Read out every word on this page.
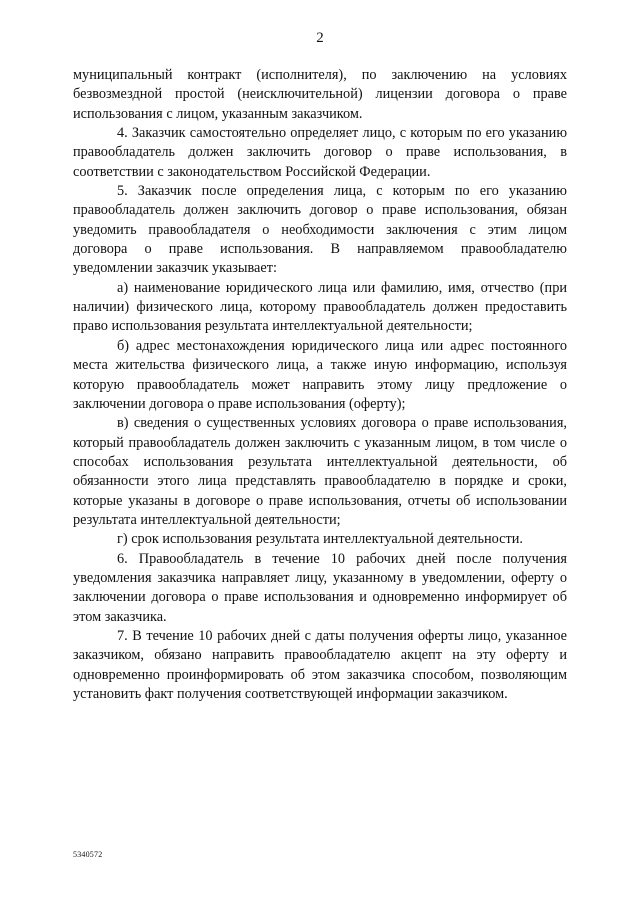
2

муниципальный контракт (исполнителя), по заключению на условиях безвозмездной простой (неисключительной) лицензии договора о праве использования с лицом, указанным заказчиком.

4. Заказчик самостоятельно определяет лицо, с которым по его указанию правообладатель должен заключить договор о праве использования, в соответствии с законодательством Российской Федерации.

5. Заказчик после определения лица, с которым по его указанию правообладатель должен заключить договор о праве использования, обязан уведомить правообладателя о необходимости заключения с этим лицом договора о праве использования. В направляемом правообладателю уведомлении заказчик указывает:

а) наименование юридического лица или фамилию, имя, отчество (при наличии) физического лица, которому правообладатель должен предоставить право использования результата интеллектуальной деятельности;

б) адрес местонахождения юридического лица или адрес постоянного места жительства физического лица, а также иную информацию, используя которую правообладатель может направить этому лицу предложение о заключении договора о праве использования (оферту);

в) сведения о существенных условиях договора о праве использования, который правообладатель должен заключить с указанным лицом, в том числе о способах использования результата интеллектуальной деятельности, об обязанности этого лица представлять правообладателю в порядке и сроки, которые указаны в договоре о праве использования, отчеты об использовании результата интеллектуальной деятельности;

г) срок использования результата интеллектуальной деятельности.

6. Правообладатель в течение 10 рабочих дней после получения уведомления заказчика направляет лицу, указанному в уведомлении, оферту о заключении договора о праве использования и одновременно информирует об этом заказчика.

7. В течение 10 рабочих дней с даты получения оферты лицо, указанное заказчиком, обязано направить правообладателю акцепт на эту оферту и одновременно проинформировать об этом заказчика способом, позволяющим установить факт получения соответствующей информации заказчиком.

5340572
